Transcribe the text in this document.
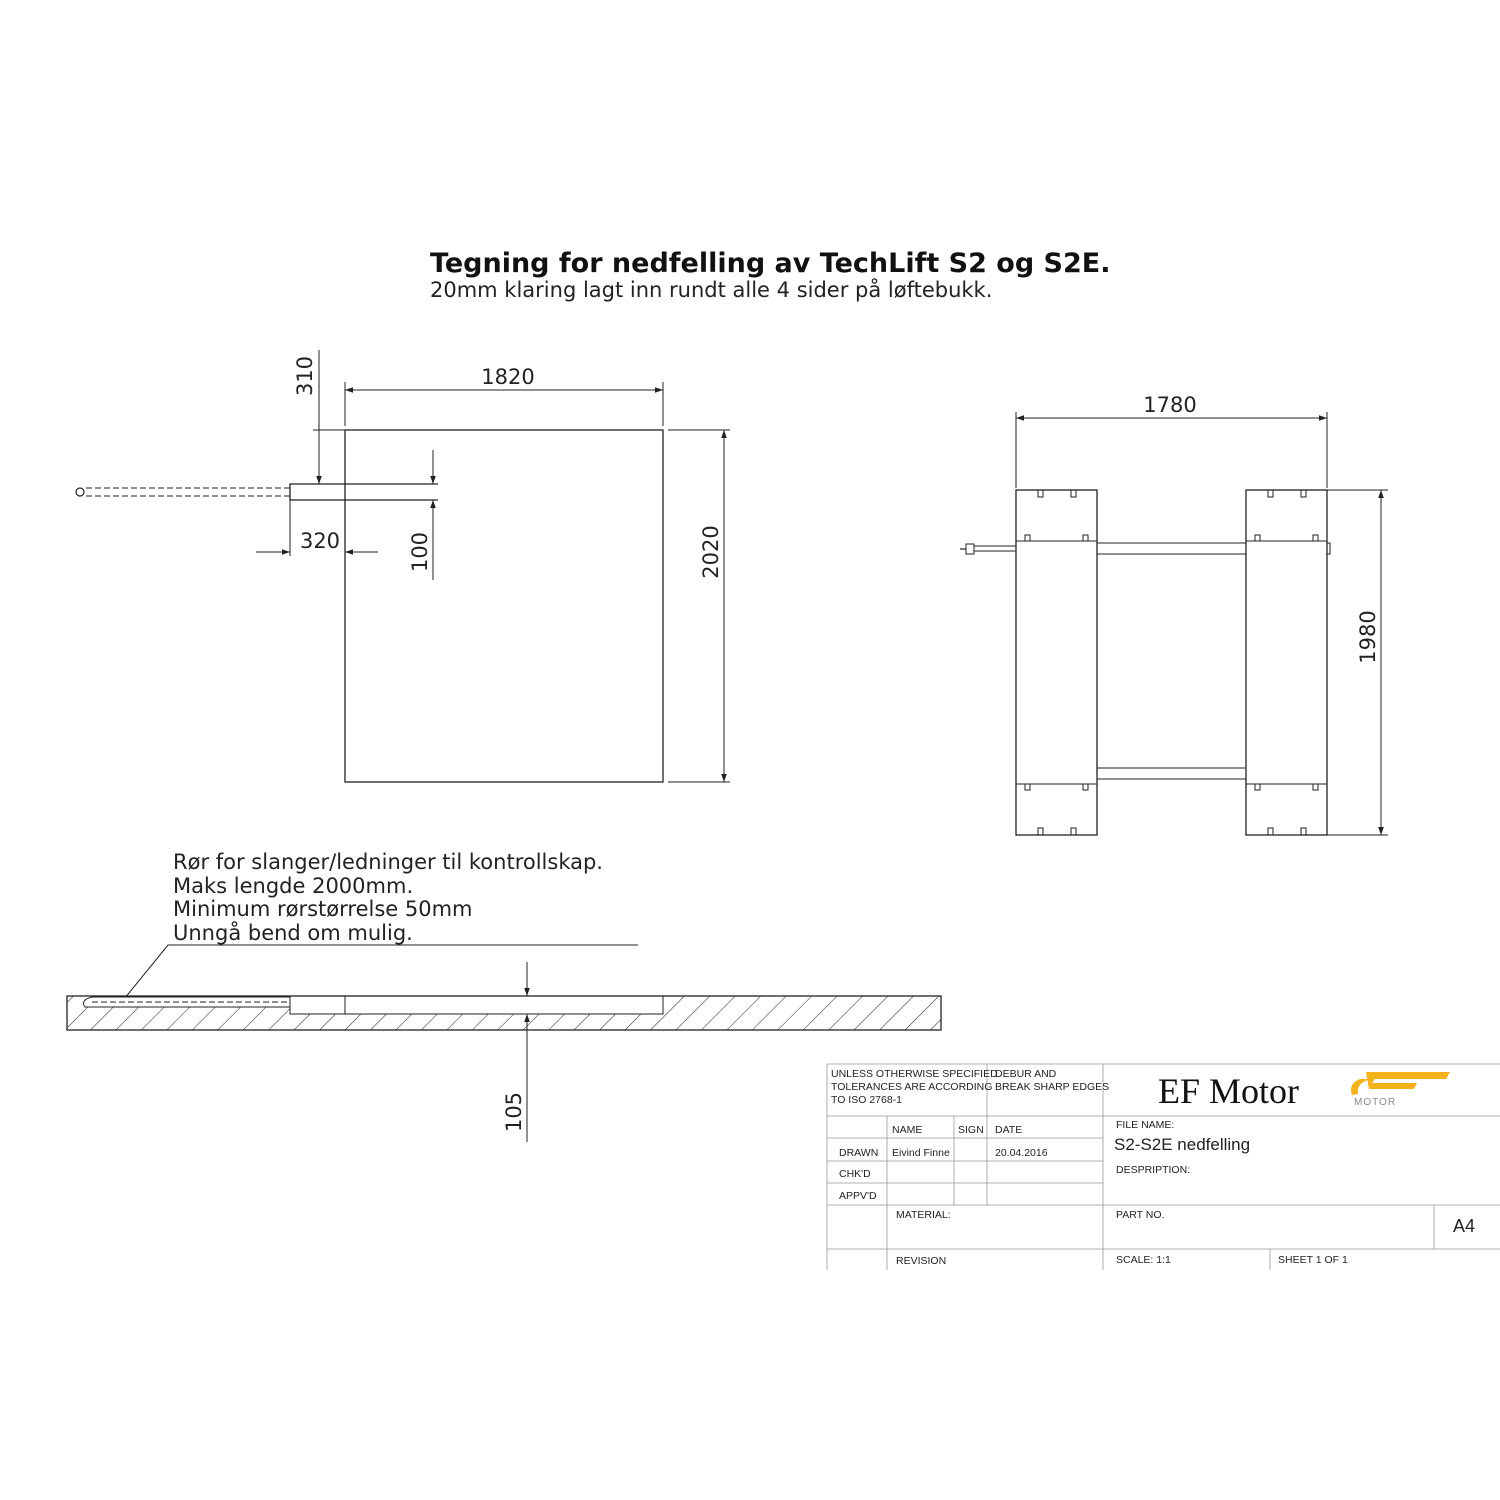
Tegning for nedfelling av TechLift S2 og S2E.
20mm klaring lagt inn rundt alle 4 sider på løftebukk.
1820
2020
310
320	100
1780
1980
Rør for slanger/ledninger til kontrollskap.
Maks lengde 2000mm.
Minimum rørstørrelse 50mm
Unngå bend om mulig.
105
UNLESS OTHERWISE SPECIFIED
TOLERANCES ARE ACCORDING
TO ISO 2768-1
DEBUR AND
BREAK SHARP EDGES EF Motor	MOTOR
NAME	SIGN DATE
DRAWN Eivind Finne	20.04.2016
CHK'D
APPV'D
FILE NAME:
S2-S2E nedfelling
DESPRIPTION:
MATERIAL:	PART NO.
A4
REVISION	SCALE: 1:1	SHEET 1 OF 1
